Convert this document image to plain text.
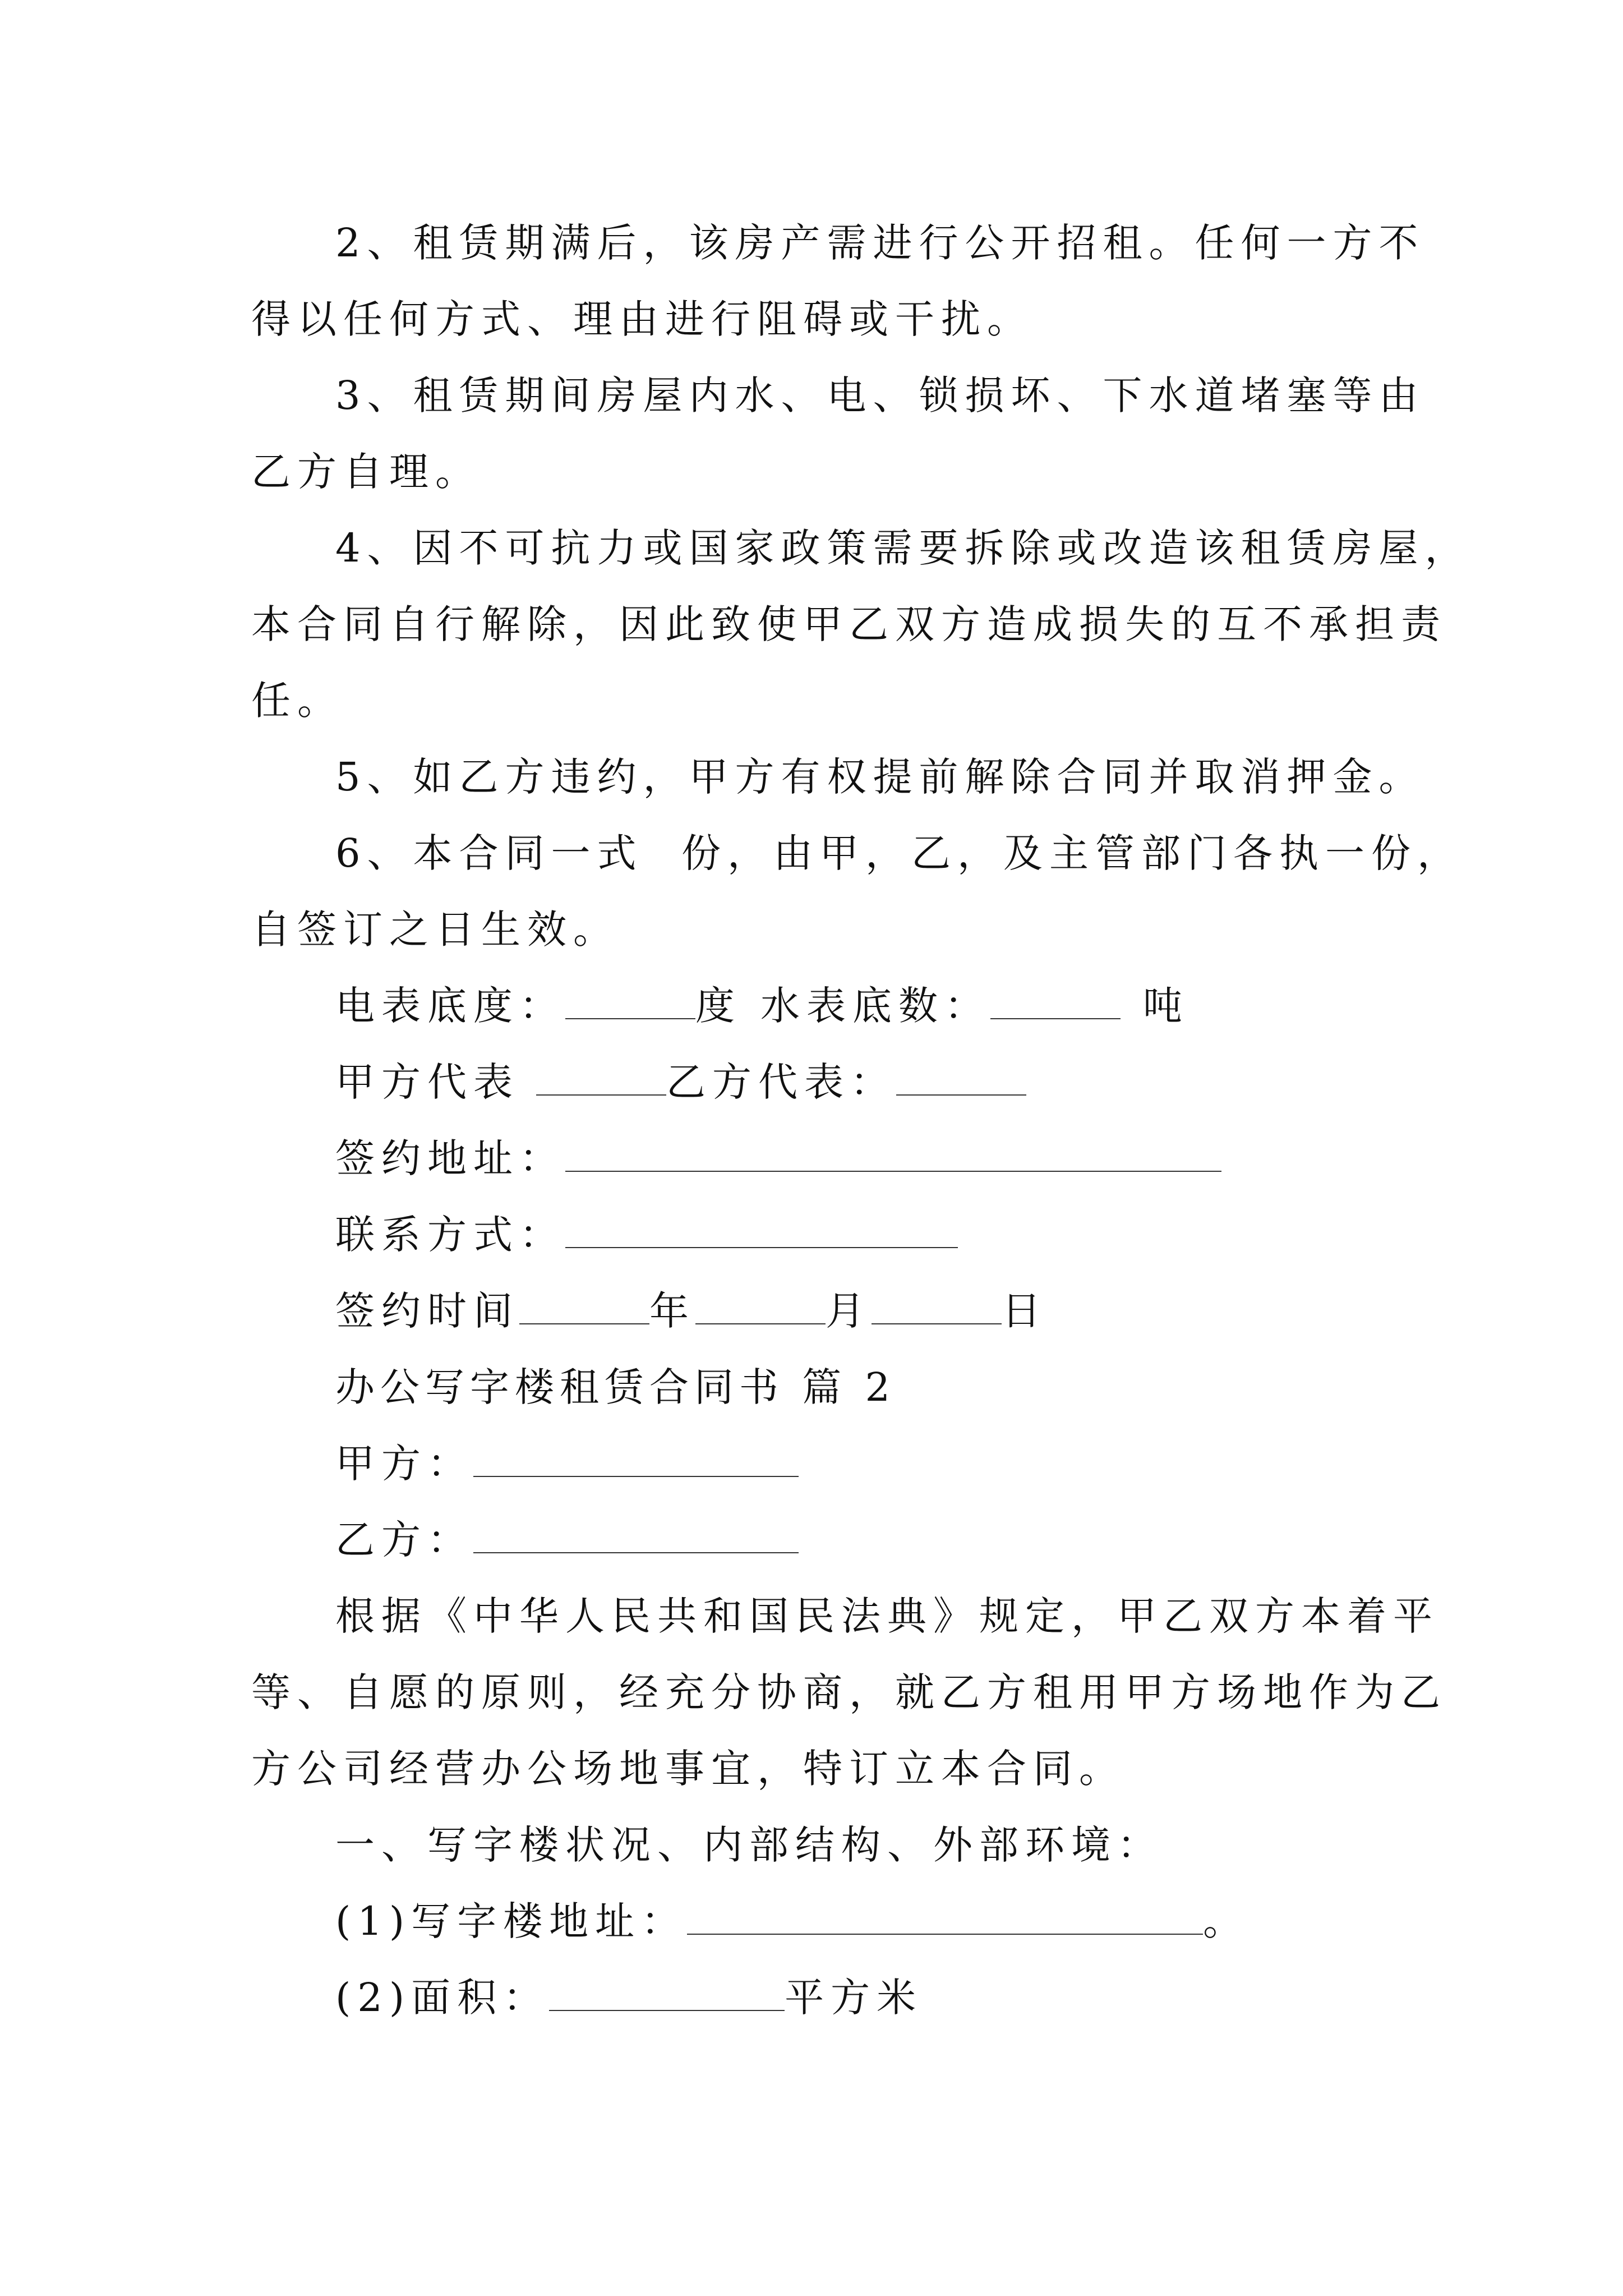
2、租赁期满后，该房产需进行公开招租。任何一方不
得以任何方式、理由进行阻碍或干扰。
3、租赁期间房屋内水、电、锁损坏、下水道堵塞等由
乙方自理。
4、因不可抗力或国家政策需要拆除或改造该租赁房屋，
本合同自行解除，因此致使甲乙双方造成损失的互不承担责
任。
5、如乙方违约，甲方有权提前解除合同并取消押金。
6、本合同一式  份，由甲，乙，及主管部门各执一份，
自签订之日生效。
电表底度：	度 水表底数：	吨
甲方代表	乙方代表：
签约地址：
联系方式：
签约时间	年	月	日
办公写字楼租赁合同书 篇 2
甲方：
乙方：
根据《中华人民共和国民法典》规定，甲乙双方本着平
等、自愿的原则，经充分协商，就乙方租用甲方场地作为乙
方公司经营办公场地事宜，特订立本合同。
一、写字楼状况、内部结构、外部环境：
(1)写字楼地址：	。
(2)面积：	平方米
